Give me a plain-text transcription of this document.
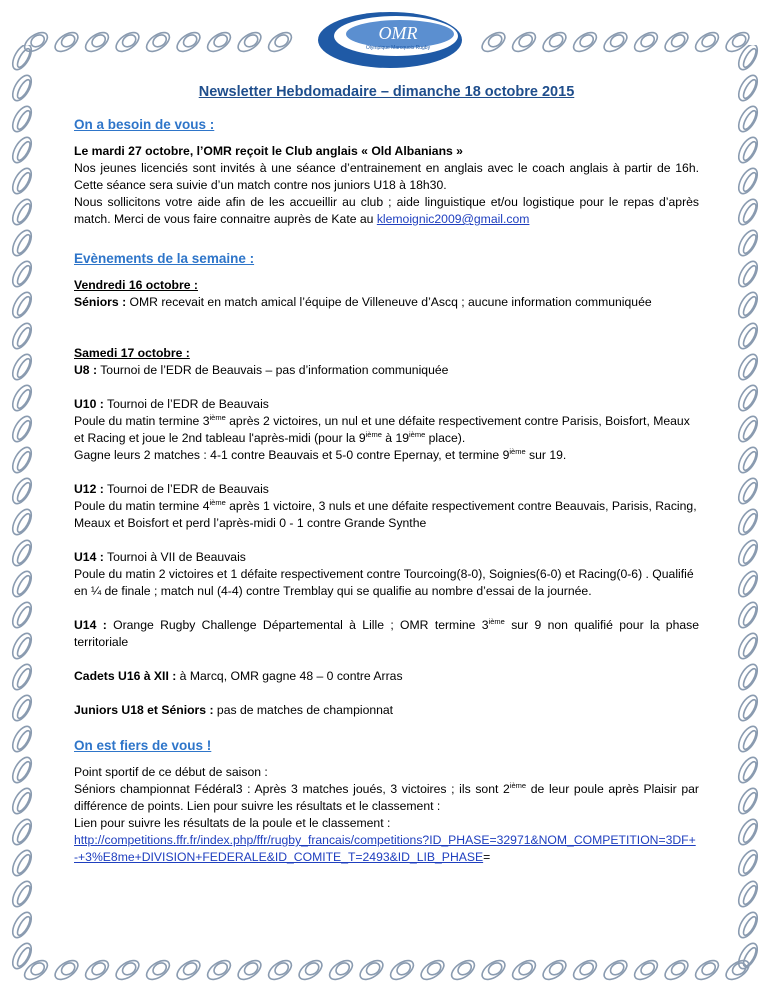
OMR
Olympique Marcquois Rugby

Newsletter Hebdomadaire – dimanche 18 octobre 2015

On a besoin de vous :

Le mardi 27 octobre, l’OMR reçoit le Club anglais « Old Albanians »

Nos jeunes licenciés sont invités à une séance d’entrainement en anglais avec le coach anglais à partir de 16h. Cette séance sera suivie d’un match contre nos juniors U18 à 18h30.

Nous sollicitons votre aide afin de les accueillir au club ; aide linguistique et/ou logistique pour le repas d’après match. Merci de vous faire connaitre auprès de Kate au klemoignic2009@gmail.com

Evènements de la semaine :

Vendredi 16 octobre :

Séniors : OMR recevait en match amical l’équipe de Villeneuve d’Ascq ; aucune information communiquée

Samedi 17 octobre :

U8 : Tournoi de l’EDR de Beauvais – pas d’information communiquée

U10 : Tournoi de l’EDR de Beauvais

Poule du matin termine 3ième après 2 victoires, un nul et une défaite respectivement contre Parisis, Boisfort, Meaux et Racing et joue le 2nd tableau l'après-midi (pour la 9ième à 19ième place).

Gagne leurs 2 matches : 4-1 contre Beauvais et 5-0 contre Epernay, et termine 9ième sur 19.

U12 : Tournoi de l’EDR de Beauvais

Poule du matin termine 4ième après 1 victoire, 3 nuls et une défaite respectivement contre Beauvais, Parisis, Racing, Meaux et Boisfort et perd l’après-midi 0 - 1 contre Grande Synthe

U14 : Tournoi à VII de Beauvais

Poule du matin 2 victoires et 1 défaite respectivement contre Tourcoing(8-0), Soignies(6-0) et Racing(0-6) . Qualifié en ¼ de finale ; match nul (4-4) contre Tremblay qui se qualifie au nombre d’essai de la journée.

U14 : Orange Rugby Challenge Départemental à Lille ; OMR termine 3ième sur 9 non qualifié pour la phase territoriale

Cadets U16 à XII : à Marcq, OMR gagne 48 – 0 contre Arras

Juniors U18 et Séniors : pas de matches de championnat

On est fiers de vous !

Point sportif de ce début de saison :

Séniors championnat Fédéral3 : Après 3 matches joués, 3 victoires ; ils sont 2ième de leur poule après Plaisir par différence de points. Lien pour suivre les résultats et le classement :

Lien pour suivre les résultats de la poule et le classement :

http://competitions.ffr.fr/index.php/ffr/rugby_francais/competitions?ID_PHASE=32971&NOM_COMPETITION=3DF+-+3%E8me+DIVISION+FEDERALE&ID_COMITE_T=2493&ID_LIB_PHASE=
